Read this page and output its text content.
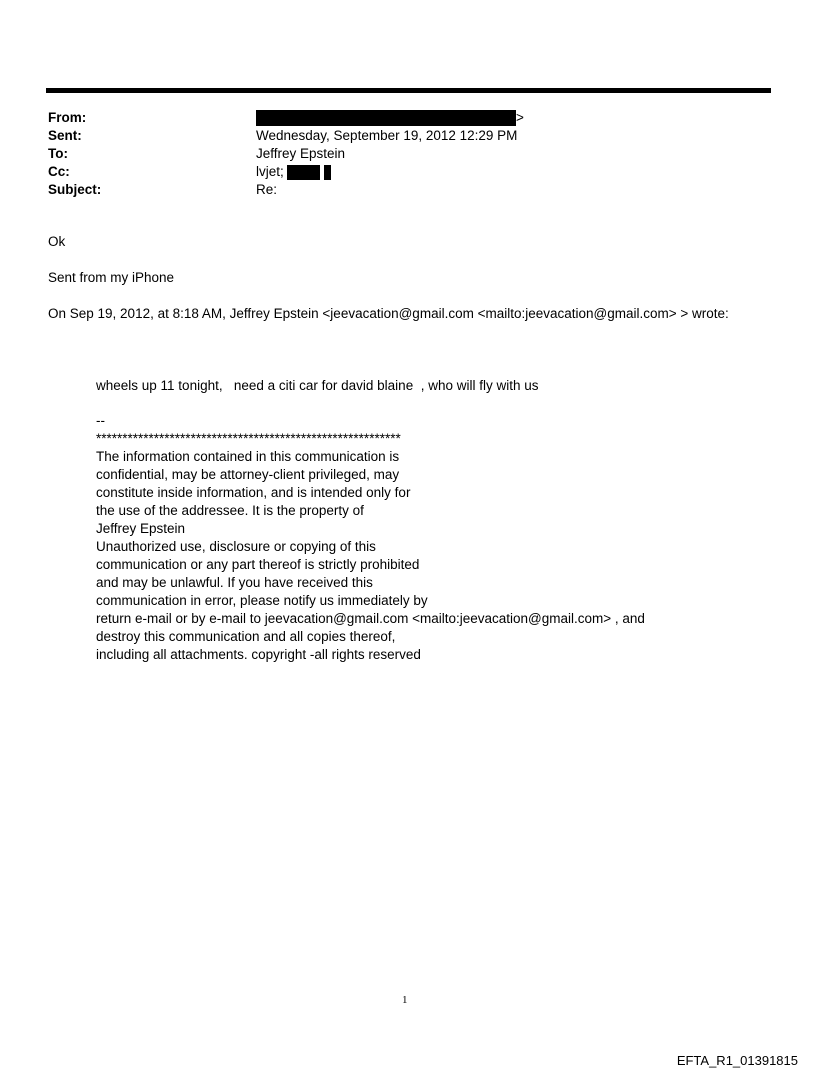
From:	>
Sent:	Wednesday, September 19, 2012 12:29 PM
To:	Jeffrey Epstein
Cc:	lvjet;
Subject:	Re:
Ok
Sent from my iPhone
On Sep 19, 2012, at 8:18 AM, Jeffrey Epstein <jeevacation@gmail.com <mailto:jeevacation@gmail.com> > wrote:
wheels up 11 tonight,   need a citi car for david blaine  , who will fly with us
--
**********************************************************
The information contained in this communication is
confidential, may be attorney-client privileged, may
constitute inside information, and is intended only for
the use of the addressee. It is the property of
Jeffrey Epstein
Unauthorized use, disclosure or copying of this
communication or any part thereof is strictly prohibited
and may be unlawful. If you have received this
communication in error, please notify us immediately by
return e-mail or by e-mail to jeevacation@gmail.com <mailto:jeevacation@gmail.com> , and
destroy this communication and all copies thereof,
including all attachments. copyright -all rights reserved
1
EFTA_R1_01391815
